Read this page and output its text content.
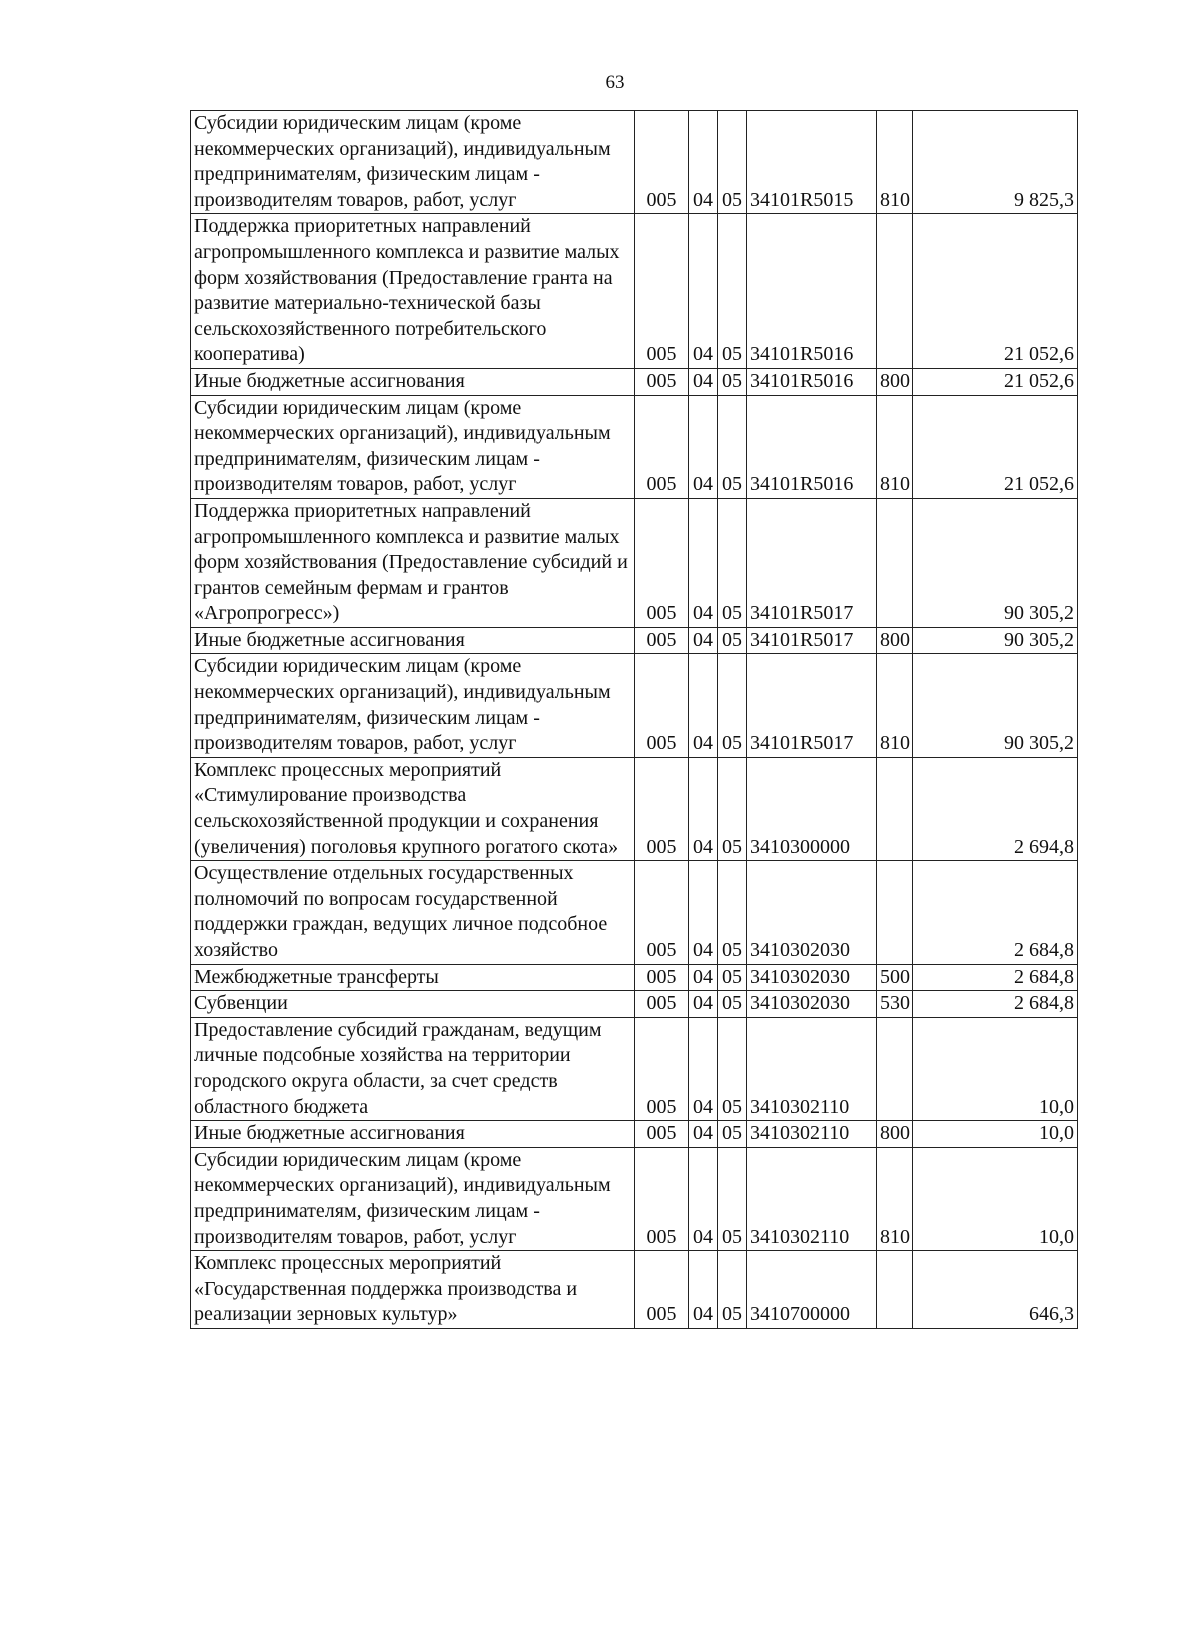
63
Субсидии юридическим лицам (кроме некоммерческих организаций), индивидуальным предпринимателям, физическим лицам - производителям товаров, работ, услуг	005	04	05	34101R5015	810	9 825,3
Поддержка приоритетных направлений агропромышленного комплекса и развитие малых форм хозяйствования (Предоставление гранта на развитие материально-технической базы сельскохозяйственного потребительского кооператива)	005	04	05	34101R5016		21 052,6
Иные бюджетные ассигнования	005	04	05	34101R5016	800	21 052,6
Субсидии юридическим лицам (кроме некоммерческих организаций), индивидуальным предпринимателям, физическим лицам - производителям товаров, работ, услуг	005	04	05	34101R5016	810	21 052,6
Поддержка приоритетных направлений агропромышленного комплекса и развитие малых форм хозяйствования (Предоставление субсидий и грантов семейным фермам и грантов «Агропрогресс»)	005	04	05	34101R5017		90 305,2
Иные бюджетные ассигнования	005	04	05	34101R5017	800	90 305,2
Субсидии юридическим лицам (кроме некоммерческих организаций), индивидуальным предпринимателям, физическим лицам - производителям товаров, работ, услуг	005	04	05	34101R5017	810	90 305,2
Комплекс процессных мероприятий «Стимулирование производства сельскохозяйственной продукции и сохранения (увеличения) поголовья крупного рогатого скота»	005	04	05	3410300000		2 694,8
Осуществление отдельных государственных полномочий по вопросам государственной поддержки граждан, ведущих личное подсобное хозяйство	005	04	05	3410302030		2 684,8
Межбюджетные трансферты	005	04	05	3410302030	500	2 684,8
Субвенции	005	04	05	3410302030	530	2 684,8
Предоставление субсидий гражданам, ведущим личные подсобные хозяйства на территории городского округа области, за счет средств областного бюджета	005	04	05	3410302110		10,0
Иные бюджетные ассигнования	005	04	05	3410302110	800	10,0
Субсидии юридическим лицам (кроме некоммерческих организаций), индивидуальным предпринимателям, физическим лицам - производителям товаров, работ, услуг	005	04	05	3410302110	810	10,0
Комплекс процессных мероприятий «Государственная поддержка производства и реализации зерновых культур»	005	04	05	3410700000		646,3
